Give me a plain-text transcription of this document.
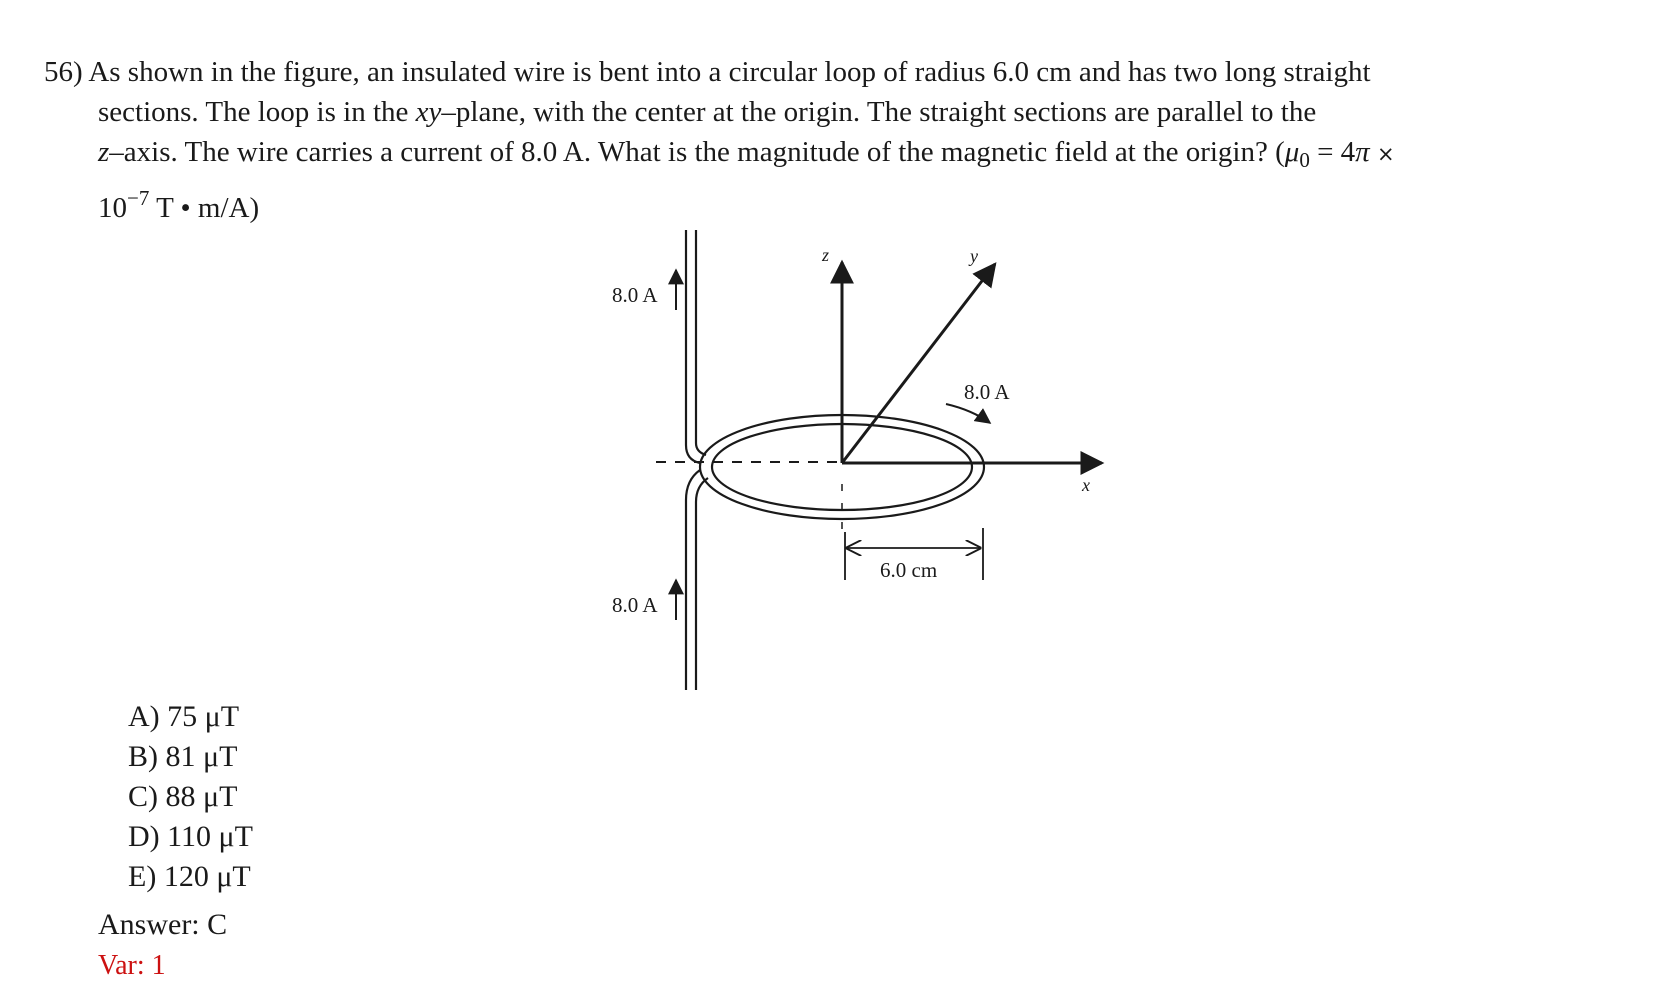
56) As shown in the figure, an insulated wire is bent into a circular loop of radius 6.0 cm and has two long straight
sections. The loop is in the xy–plane, with the center at the origin. The straight sections are parallel to the
z–axis. The wire carries a current of 8.0 A. What is the magnitude of the magnetic field at the origin? ($\mu_0 = 4\pi$ ×
$10^{-7}$ T • m/A)
z	y
x
8.0 A
8.0 A
8.0 A
6.0 cm
A) 75 μT
B) 81 μT
C) 88 μT
D) 110 μT
E) 120 μT
Answer: C
Var: 1
